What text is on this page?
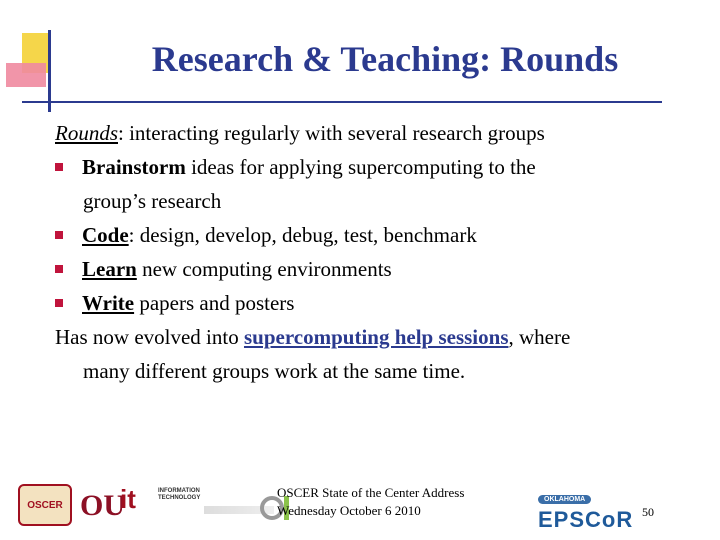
Research & Teaching: Rounds
Rounds: interacting regularly with several research groups
Brainstorm ideas for applying supercomputing to the
group’s research
Code: design, develop, debug, test, benchmark
Learn new computing environments
Write papers and posters
Has now evolved into supercomputing help sessions, where
many different groups work at the same time.
OSCER OU
it	INFORMATION TECHNOLOGY	OSCER State of the Center Address
Wednesday October 6 2010
OKLAHOMA
EPSCoR 50
